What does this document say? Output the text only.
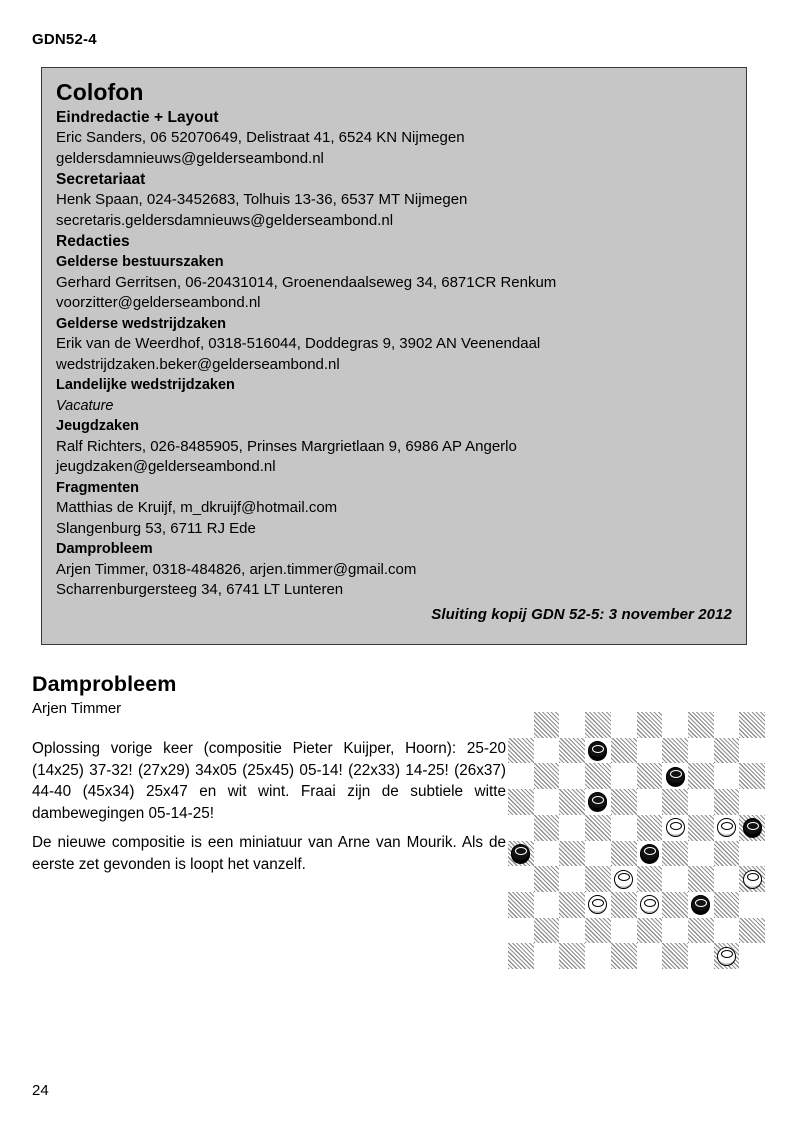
GDN52-4
Colofon
Eindredactie + Layout
Eric Sanders, 06 52070649, Delistraat 41, 6524 KN Nijmegen
geldersdamnieuws@gelderseambond.nl
Secretariaat
Henk Spaan, 024-3452683, Tolhuis 13-36, 6537 MT Nijmegen
secretaris.geldersdamnieuws@gelderseambond.nl
Redacties
Gelderse bestuurszaken
Gerhard Gerritsen, 06-20431014, Groenendaalseweg 34, 6871CR Renkum
voorzitter@gelderseambond.nl
Gelderse wedstrijdzaken
Erik van de Weerdhof, 0318-516044, Doddegras 9, 3902 AN Veenendaal
wedstrijdzaken.beker@gelderseambond.nl
Landelijke wedstrijdzaken
Vacature
Jeugdzaken
Ralf Richters, 026-8485905, Prinses Margrietlaan 9, 6986 AP Angerlo
jeugdzaken@gelderseambond.nl
Fragmenten
Matthias de Kruijf, m_dkruijf@hotmail.com
Slangenburg 53, 6711 RJ Ede
Damprobleem
Arjen Timmer, 0318-484826, arjen.timmer@gmail.com
Scharrenburgersteeg 34, 6741 LT Lunteren
Sluiting kopij GDN 52-5: 3 november 2012
Damprobleem
Arjen Timmer
Oplossing vorige keer (compositie Pieter Kuijper, Hoorn): 25-20 (14x25) 37-32! (27x29) 34x05 (25x45) 05-14! (22x33) 14-25! (26x37) 44-40 (45x34) 25x47 en wit wint. Fraai zijn de subtiele witte dambewegingen 05-14-25!
De nieuwe compositie is een miniatuur van Arne van Mourik. Als de eerste zet gevonden is loopt het vanzelf.
24
